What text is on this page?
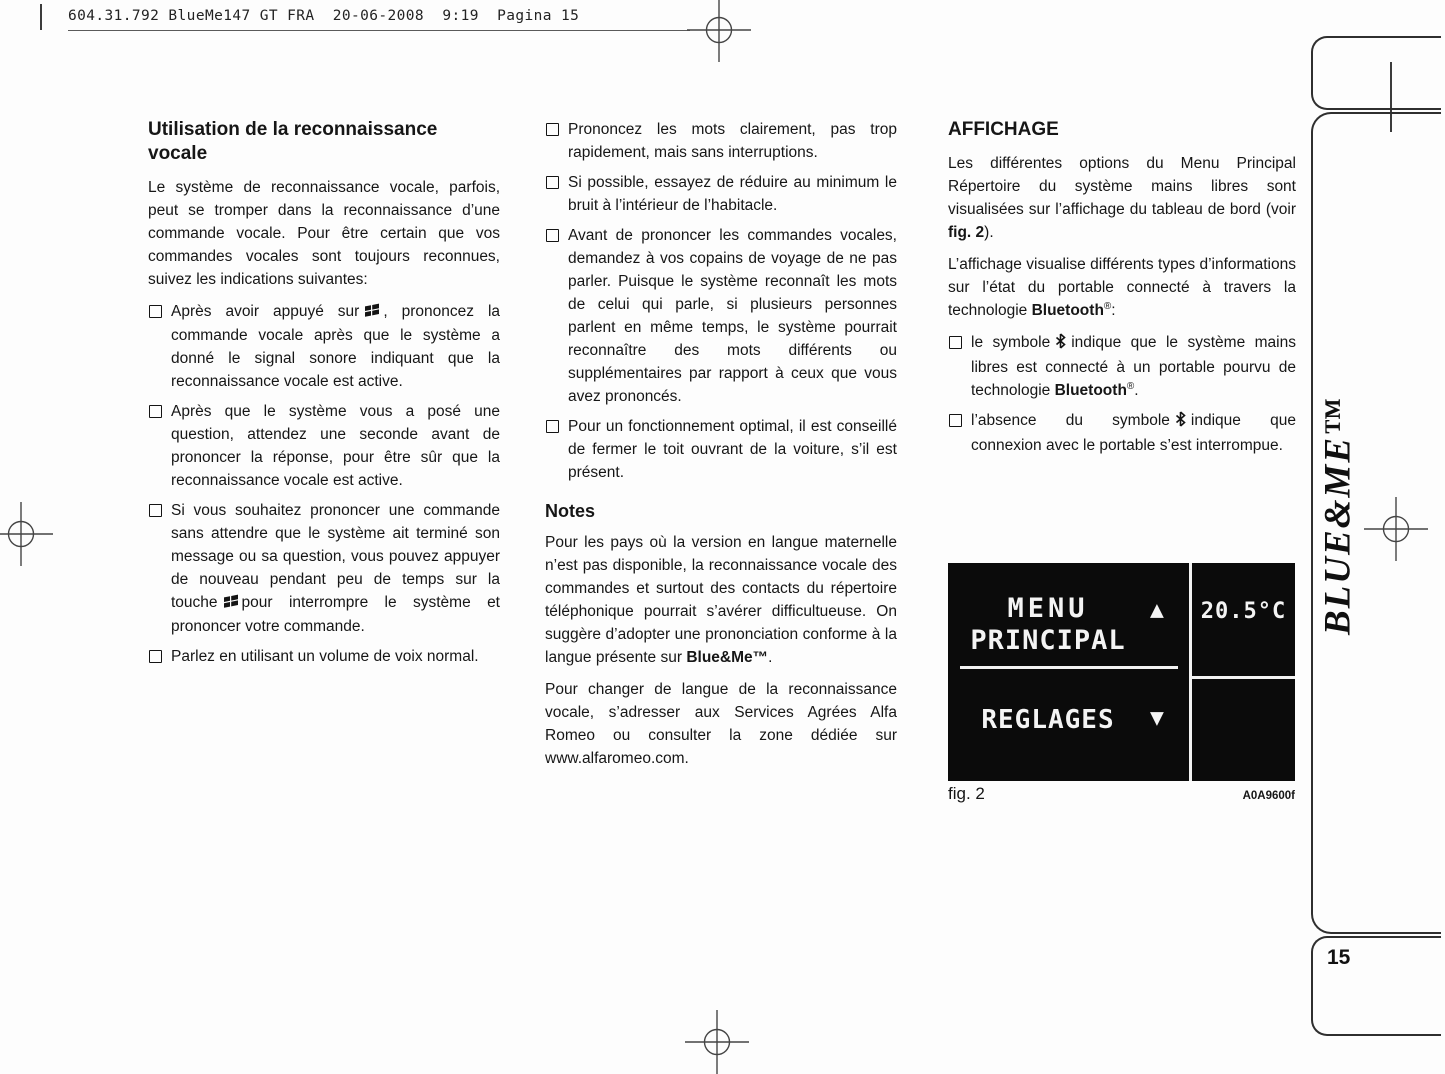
604.31.792 BlueMe147 GT FRA  20-06-2008  9:19  Pagina 15
BLUE&ME™
15
Utilisation de la reconnaissance vocale

Le système de reconnaissance vocale, parfois, peut se tromper dans la reconnaissance d’une commande vocale. Pour être certain que vos commandes vocales sont toujours reconnues, suivez les indications suivantes:

Après avoir appuyé sur , prononcez la commande vocale après que le système a donné le signal sonore indiquant que la reconnaissance vocale est active.
Après que le système vous a posé une question, attendez une seconde avant de prononcer la réponse, pour être sûr que la reconnaissance vocale est active.
Si vous souhaitez prononcer une commande sans attendre que le système ait terminé son message ou sa question, vous pouvez appuyer de nouveau pendant peu de temps sur la touche pour interrompre le système et prononcer votre commande.
Parlez en utilisant un volume de voix normal.
Prononcez les mots clairement, pas trop rapidement, mais sans interruptions.
Si possible, essayez de réduire au minimum le bruit à l’intérieur de l’habitacle.
Avant de prononcer les commandes vocales, demandez à vos copains de voyage de ne pas parler. Puisque le système reconnaît les mots de celui qui parle, si plusieurs personnes parlent en même temps, le système pourrait reconnaître des mots différents ou supplémentaires par rapport à ceux que vous avez prononcés.
Pour un fonctionnement optimal, il est conseillé de fermer le toit ouvrant de la voiture, s’il est présent.
Notes

Pour les pays où la version en langue maternelle n’est pas disponible, la reconnaissance vocale des commandes et surtout des contacts du répertoire téléphonique pourrait s’avérer difficultueuse. On suggère d’adopter une prononciation conforme à la langue présente sur Blue&Me™.

Pour changer de langue de la reconnaissance vocale, s’adresser aux Services Agrées Alfa Romeo ou consulter la zone dédiée sur www.alfaromeo.com.

AFFICHAGE

Les différentes options du Menu Principal Répertoire du système mains libres sont visualisées sur l’affichage du tableau de bord (voir fig. 2).

L’affichage visualise différents types d’informations sur l’état du portable connecté à travers la technologie Bluetooth®:

le symbole indique que le système mains libres est connecté à un portable pourvu de technologie Bluetooth®.
l’absence du symbole indique que connexion avec le portable s’est interrompue.
MENU
PRINCIPAL
▲
REGLAGES	▼
20.5°C
fig. 2	A0A9600f
